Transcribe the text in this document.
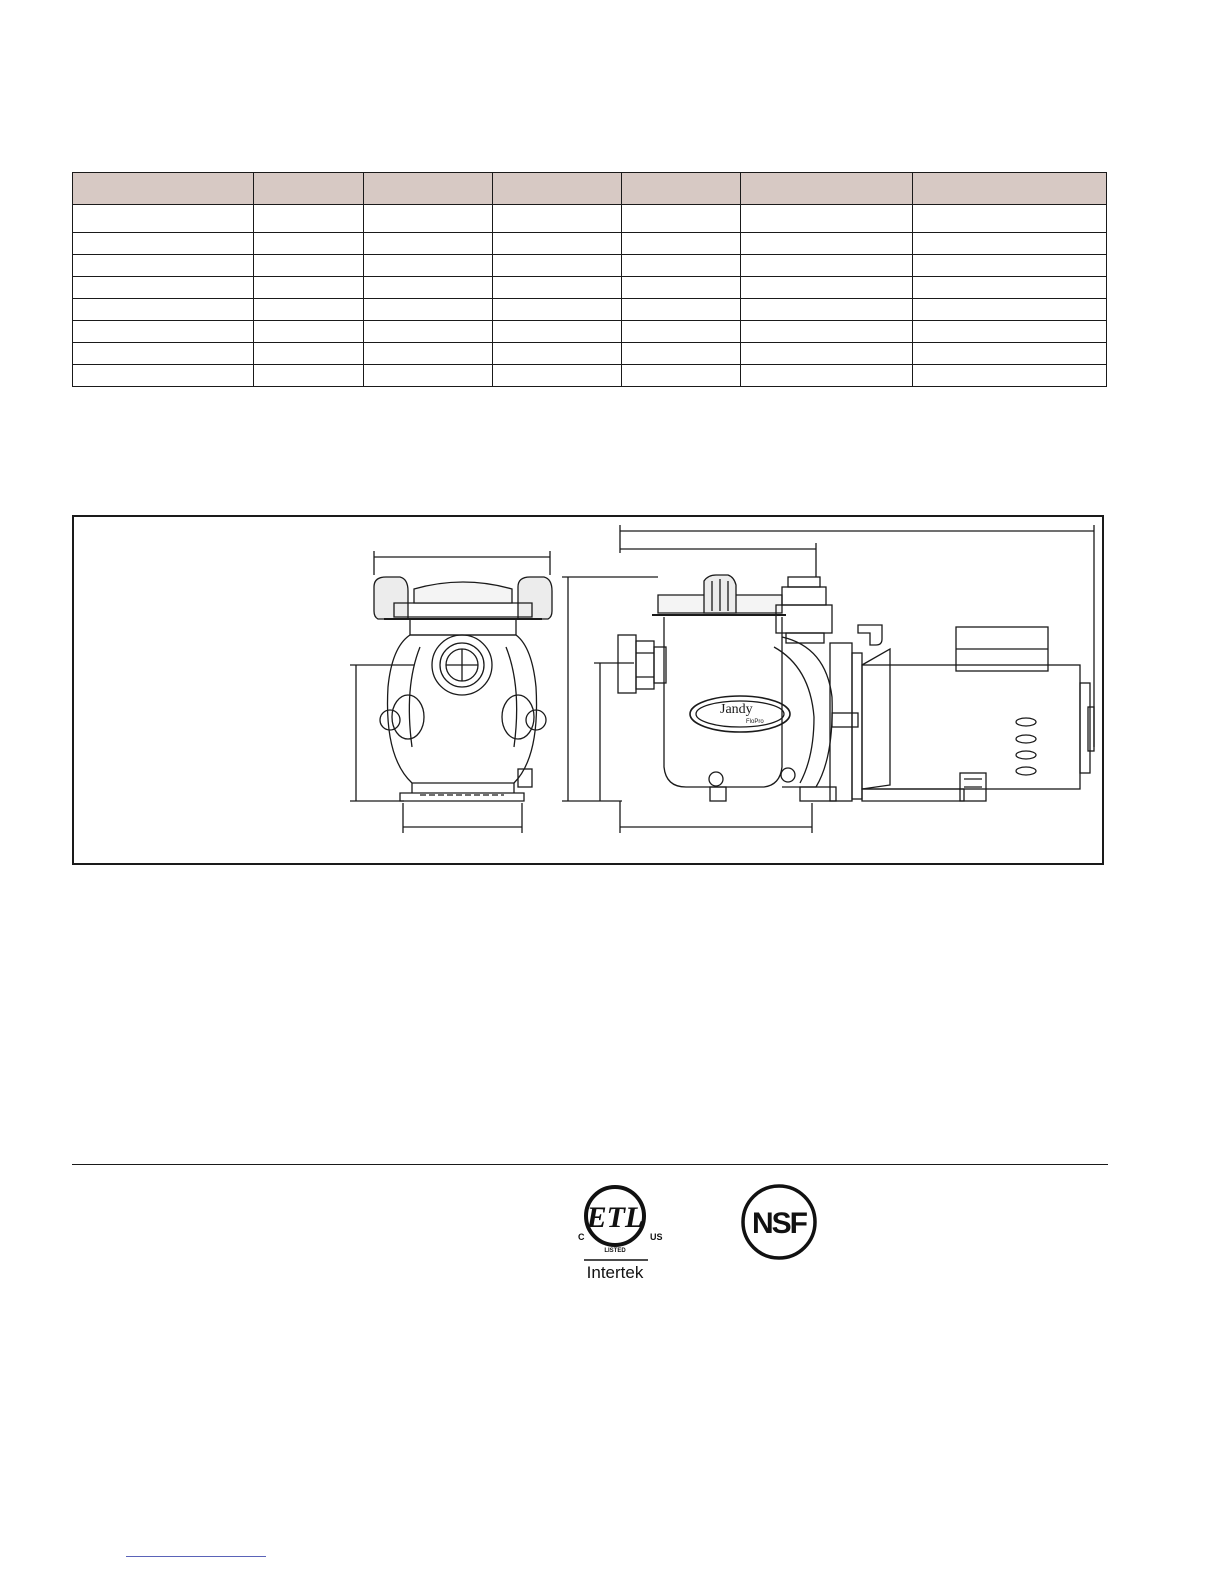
Jandy
FloPro
ETL
C	US
LISTED
Intertek
NSF
